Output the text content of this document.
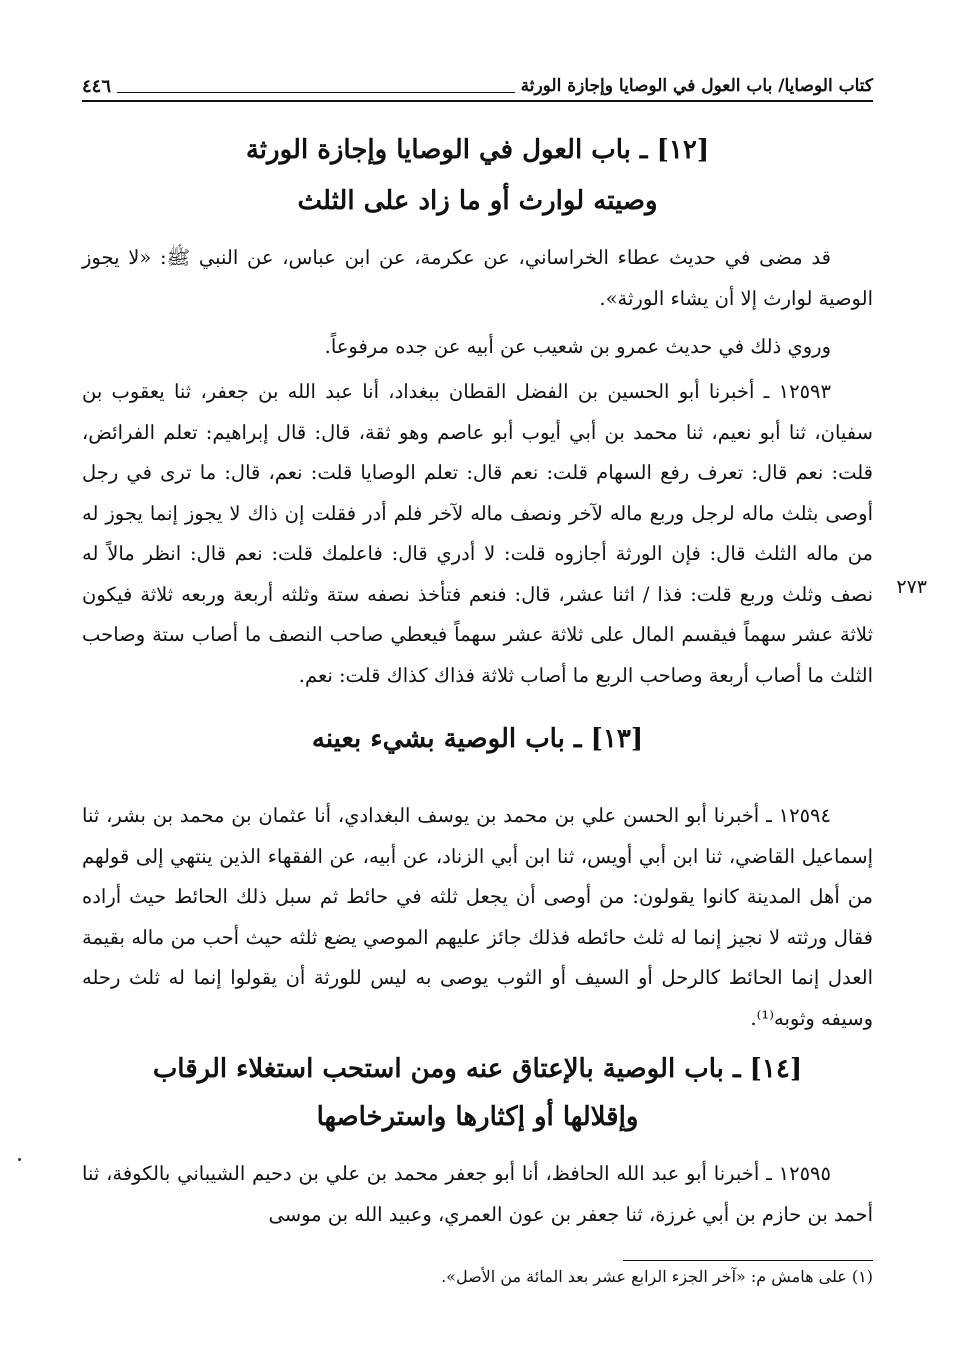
كتاب الوصايا/ باب العول في الوصايا وإجازة الورثة
٤٤٦
[١٢] ـ باب العول في الوصايا وإجازة الورثة
وصيته لوارث أو ما زاد على الثلث

قد مضى في حديث عطاء الخراساني، عن عكرمة، عن ابن عباس، عن النبي ﷺ: «لا يجوز الوصية لوارث إلا أن يشاء الورثة».

وروي ذلك في حديث عمرو بن شعيب عن أبيه عن جده مرفوعاً.

١٢٥٩٣ ـ أخبرنا أبو الحسين بن الفضل القطان ببغداد، أنا عبد الله بن جعفر، ثنا يعقوب بن سفيان، ثنا أبو نعيم، ثنا محمد بن أبي أيوب أبو عاصم وهو ثقة، قال: قال إبراهيم: تعلم الفرائض، قلت: نعم قال: تعرف رفع السهام قلت: نعم قال: تعلم الوصايا قلت: نعم، قال: ما ترى في رجل أوصى بثلث ماله لرجل وربع ماله لآخر ونصف ماله لآخر فلم أدر فقلت إن ذاك لا يجوز إنما يجوز له من ماله الثلث قال: فإن الورثة أجازوه قلت: لا أدري قال: فاعلمك قلت: نعم قال: انظر مالاً له نصف وثلث وربع قلت: فذا / اثنا عشر، قال: فنعم فتأخذ نصفه ستة وثلثه أربعة وربعه ثلاثة فيكون ثلاثة عشر سهماً فيقسم المال على ثلاثة عشر سهماً فيعطي صاحب النصف ما أصاب ستة وصاحب الثلث ما أصاب أربعة وصاحب الربع ما أصاب ثلاثة فذاك كذاك قلت: نعم.

٢٧٣
[١٣] ـ باب الوصية بشيء بعينه

١٢٥٩٤ ـ أخبرنا أبو الحسن علي بن محمد بن يوسف البغدادي، أنا عثمان بن محمد بن بشر، ثنا إسماعيل القاضي، ثنا ابن أبي أويس، ثنا ابن أبي الزناد، عن أبيه، عن الفقهاء الذين ينتهي إلى قولهم من أهل المدينة كانوا يقولون: من أوصى أن يجعل ثلثه في حائط ثم سبل ذلك الحائط حيث أراده فقال ورثته لا نجيز إنما له ثلث حائطه فذلك جائز عليهم الموصي يضع ثلثه حيث أحب من ماله بقيمة العدل إنما الحائط كالرحل أو السيف أو الثوب يوصى به ليس للورثة أن يقولوا إنما له ثلث رحله وسيفه وثوبه⁽¹⁾.

[١٤] ـ باب الوصية بالإعتاق عنه ومن استحب استغلاء الرقاب
وإقلالها أو إكثارها واسترخاصها

١٢٥٩٥ ـ أخبرنا أبو عبد الله الحافظ، أنا أبو جعفر محمد بن علي بن دحيم الشيباني بالكوفة، ثنا أحمد بن حازم بن أبي غرزة، ثنا جعفر بن عون العمري، وعبيد الله بن موسى

(١) على هامش م: «آخر الجزء الرابع عشر بعد المائة من الأصل».
